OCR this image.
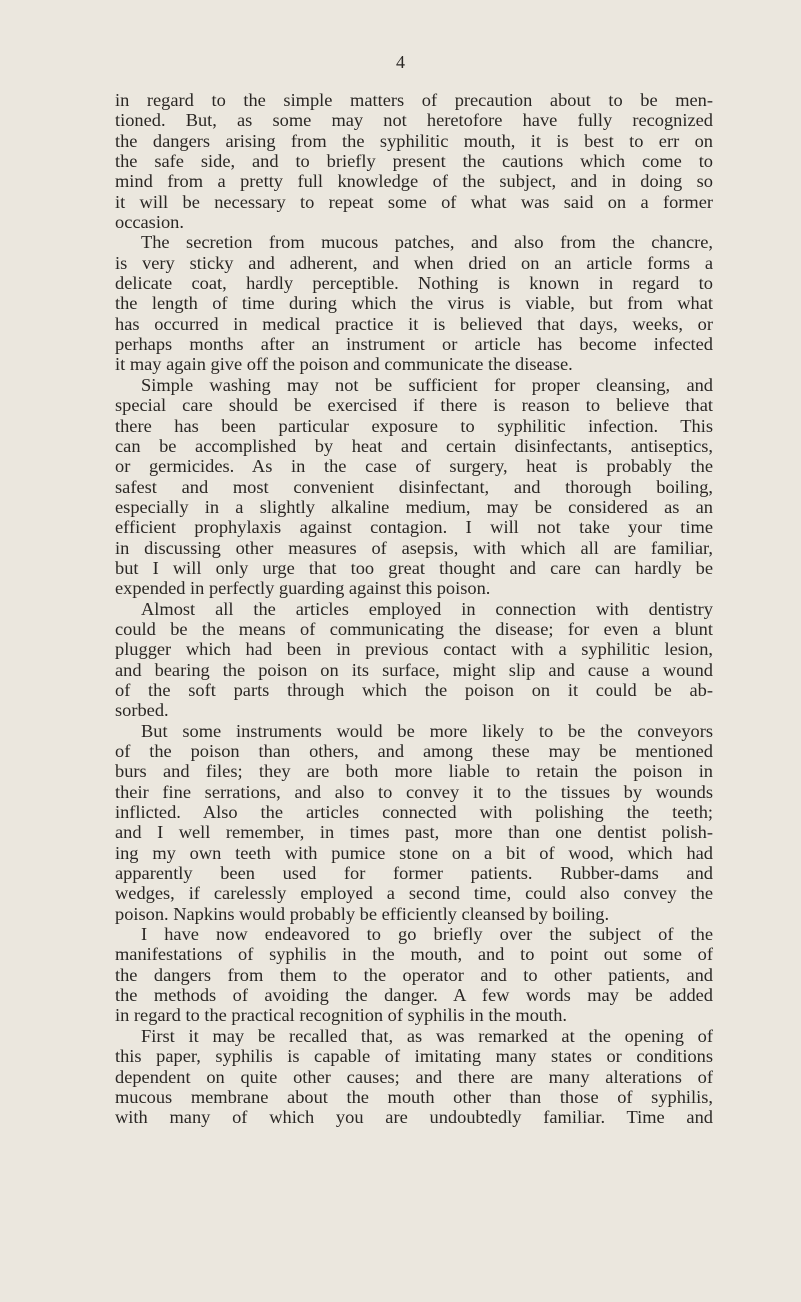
4
in regard to the simple matters of precaution about to be men-
tioned. But, as some may not heretofore have fully recognized
the dangers arising from the syphilitic mouth, it is best to err on
the safe side, and to briefly present the cautions which come to
mind from a pretty full knowledge of the subject, and in doing so
it will be necessary to repeat some of what was said on a former
occasion.
The secretion from mucous patches, and also from the chancre,
is very sticky and adherent, and when dried on an article forms a
delicate coat, hardly perceptible. Nothing is known in regard to
the length of time during which the virus is viable, but from what
has occurred in medical practice it is believed that days, weeks, or
perhaps months after an instrument or article has become infected
it may again give off the poison and communicate the disease.
Simple washing may not be sufficient for proper cleansing, and
special care should be exercised if there is reason to believe that
there has been particular exposure to syphilitic infection. This
can be accomplished by heat and certain disinfectants, antiseptics,
or germicides. As in the case of surgery, heat is probably the
safest and most convenient disinfectant, and thorough boiling,
especially in a slightly alkaline medium, may be considered as an
efficient prophylaxis against contagion. I will not take your time
in discussing other measures of asepsis, with which all are familiar,
but I will only urge that too great thought and care can hardly be
expended in perfectly guarding against this poison.
Almost all the articles employed in connection with dentistry
could be the means of communicating the disease; for even a blunt
plugger which had been in previous contact with a syphilitic lesion,
and bearing the poison on its surface, might slip and cause a wound
of the soft parts through which the poison on it could be ab-
sorbed.
But some instruments would be more likely to be the conveyors
of the poison than others, and among these may be mentioned
burs and files; they are both more liable to retain the poison in
their fine serrations, and also to convey it to the tissues by wounds
inflicted. Also the articles connected with polishing the teeth;
and I well remember, in times past, more than one dentist polish-
ing my own teeth with pumice stone on a bit of wood, which had
apparently been used for former patients. Rubber-dams and
wedges, if carelessly employed a second time, could also convey the
poison. Napkins would probably be efficiently cleansed by boiling.
I have now endeavored to go briefly over the subject of the
manifestations of syphilis in the mouth, and to point out some of
the dangers from them to the operator and to other patients, and
the methods of avoiding the danger. A few words may be added
in regard to the practical recognition of syphilis in the mouth.
First it may be recalled that, as was remarked at the opening of
this paper, syphilis is capable of imitating many states or conditions
dependent on quite other causes; and there are many alterations of
mucous membrane about the mouth other than those of syphilis,
with many of which you are undoubtedly familiar. Time and
